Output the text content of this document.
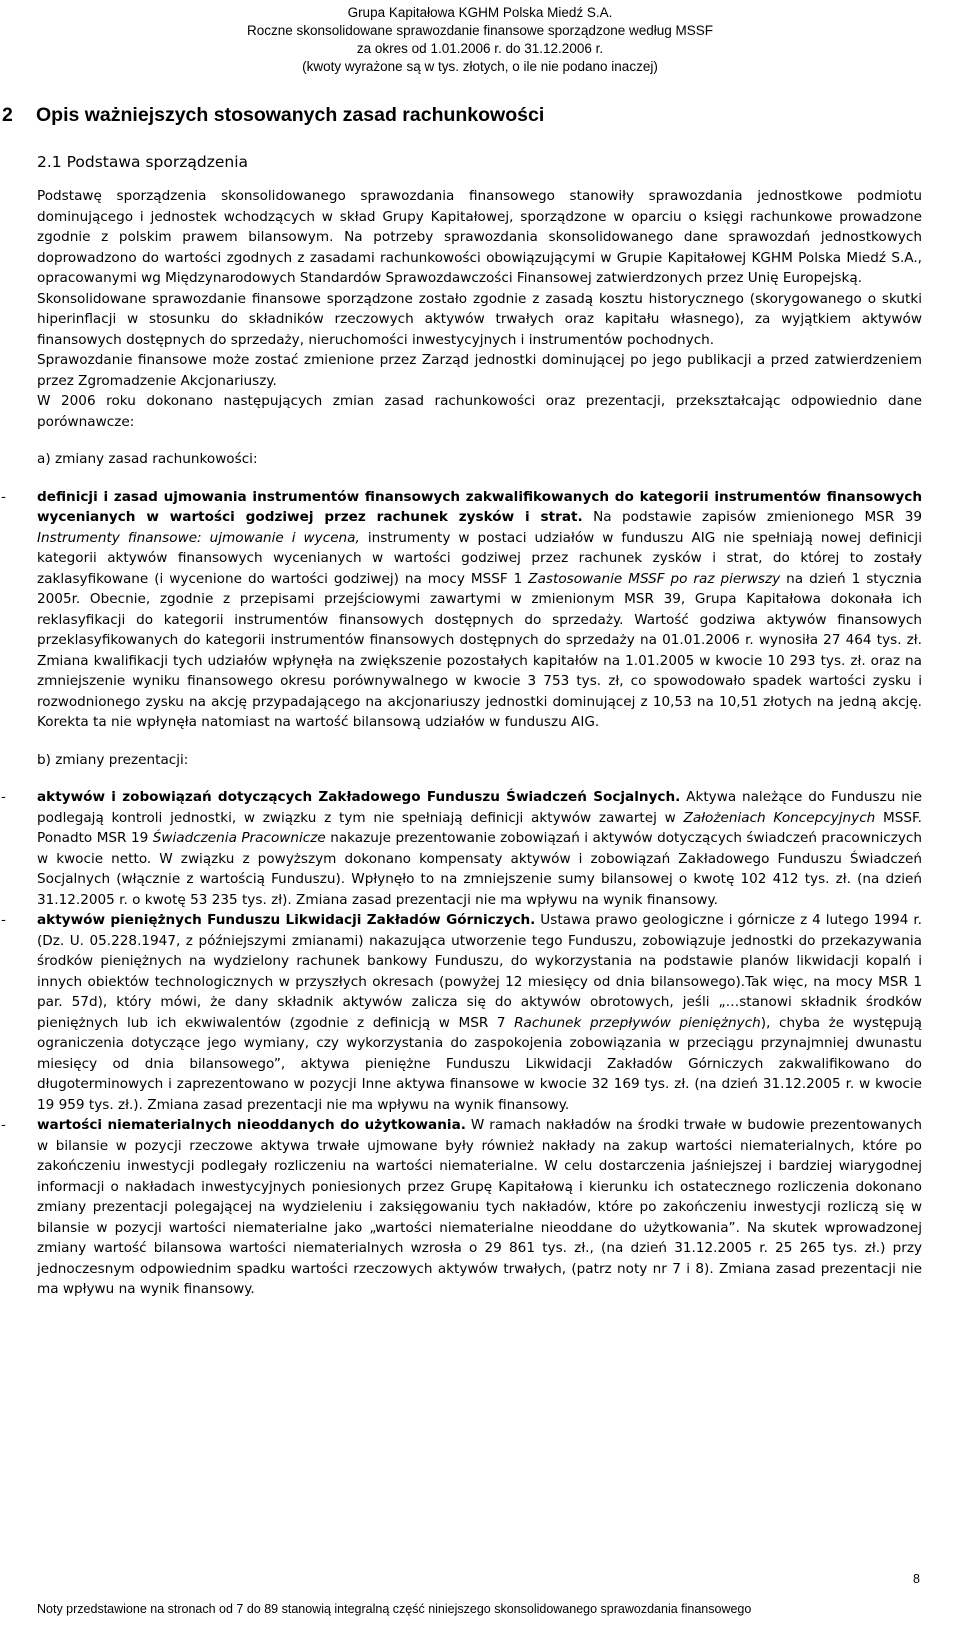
Grupa Kapitałowa KGHM Polska Miedź S.A.
Roczne skonsolidowane sprawozdanie finansowe sporządzone według MSSF
za okres od 1.01.2006 r. do 31.12.2006 r.
(kwoty wyrażone są w tys. złotych, o ile nie podano inaczej)
2 Opis ważniejszych stosowanych zasad rachunkowości
2.1 Podstawa sporządzenia

Podstawę sporządzenia skonsolidowanego sprawozdania finansowego stanowiły sprawozdania jednostkowe podmiotu dominującego i jednostek wchodzących w skład Grupy Kapitałowej, sporządzone w oparciu o księgi rachunkowe prowadzone zgodnie z polskim prawem bilansowym. Na potrzeby sprawozdania skonsolidowanego dane sprawozdań jednostkowych doprowadzono do wartości zgodnych z zasadami rachunkowości obowiązującymi w Grupie Kapitałowej KGHM Polska Miedź S.A., opracowanymi wg Międzynarodowych Standardów Sprawozdawczości Finansowej zatwierdzonych przez Unię Europejską.

Skonsolidowane sprawozdanie finansowe sporządzone zostało zgodnie z zasadą kosztu historycznego (skorygowanego o skutki hiperinflacji w stosunku do składników rzeczowych aktywów trwałych oraz kapitału własnego), za wyjątkiem aktywów finansowych dostępnych do sprzedaży, nieruchomości inwestycyjnych i instrumentów pochodnych.

Sprawozdanie finansowe może zostać zmienione przez Zarząd jednostki dominującej po jego publikacji a przed zatwierdzeniem przez Zgromadzenie Akcjonariuszy.

W 2006 roku dokonano następujących zmian zasad rachunkowości oraz prezentacji, przekształcając odpowiednio dane porównawcze:

a) zmiany zasad rachunkowości:

- definicji i zasad ujmowania instrumentów finansowych zakwalifikowanych do kategorii instrumentów finansowych wycenianych w wartości godziwej przez rachunek zysków i strat. Na podstawie zapisów zmienionego MSR 39 Instrumenty finansowe: ujmowanie i wycena, instrumenty w postaci udziałów w funduszu AIG nie spełniają nowej definicji kategorii aktywów finansowych wycenianych w wartości godziwej przez rachunek zysków i strat, do której to zostały zaklasyfikowane (i wycenione do wartości godziwej) na mocy MSSF 1 Zastosowanie MSSF po raz pierwszy na dzień 1 stycznia 2005r. Obecnie, zgodnie z przepisami przejściowymi zawartymi w zmienionym MSR 39, Grupa Kapitałowa dokonała ich reklasyfikacji do kategorii instrumentów finansowych dostępnych do sprzedaży. Wartość godziwa aktywów finansowych przeklasyfikowanych do kategorii instrumentów finansowych dostępnych do sprzedaży na 01.01.2006 r. wynosiła 27 464 tys. zł. Zmiana kwalifikacji tych udziałów wpłynęła na zwiększenie pozostałych kapitałów na 1.01.2005 w kwocie 10 293 tys. zł. oraz na zmniejszenie wyniku finansowego okresu porównywalnego w kwocie 3 753 tys. zł, co spowodowało spadek wartości zysku i rozwodnionego zysku na akcję przypadającego na akcjonariuszy jednostki dominującej z 10,53 na 10,51 złotych na jedną akcję. Korekta ta nie wpłynęła natomiast na wartość bilansową udziałów w funduszu AIG.

b) zmiany prezentacji:

- aktywów i zobowiązań dotyczących Zakładowego Funduszu Świadczeń Socjalnych. Aktywa należące do Funduszu nie podlegają kontroli jednostki, w związku z tym nie spełniają definicji aktywów zawartej w Założeniach Koncepcyjnych MSSF. Ponadto MSR 19 Świadczenia Pracownicze nakazuje prezentowanie zobowiązań i aktywów dotyczących świadczeń pracowniczych w kwocie netto. W związku z powyższym dokonano kompensaty aktywów i zobowiązań Zakładowego Funduszu Świadczeń Socjalnych (włącznie z wartością Funduszu). Wpłynęło to na zmniejszenie sumy bilansowej o kwotę 102 412 tys. zł. (na dzień 31.12.2005 r. o kwotę 53 235 tys. zł). Zmiana zasad prezentacji nie ma wpływu na wynik finansowy.

- aktywów pieniężnych Funduszu Likwidacji Zakładów Górniczych. Ustawa prawo geologiczne i górnicze z 4 lutego 1994 r. (Dz. U. 05.228.1947, z późniejszymi zmianami) nakazująca utworzenie tego Funduszu, zobowiązuje jednostki do przekazywania środków pieniężnych na wydzielony rachunek bankowy Funduszu, do wykorzystania na podstawie planów likwidacji kopalń i innych obiektów technologicznych w przyszłych okresach (powyżej 12 miesięcy od dnia bilansowego).Tak więc, na mocy MSR 1 par. 57d), który mówi, że dany składnik aktywów zalicza się do aktywów obrotowych, jeśli „…stanowi składnik środków pieniężnych lub ich ekwiwalentów (zgodnie z definicją w MSR 7 Rachunek przepływów pieniężnych), chyba że występują ograniczenia dotyczące jego wymiany, czy wykorzystania do zaspokojenia zobowiązania w przeciągu przynajmniej dwunastu miesięcy od dnia bilansowego”, aktywa pieniężne Funduszu Likwidacji Zakładów Górniczych zakwalifikowano do długoterminowych i zaprezentowano w pozycji Inne aktywa finansowe w kwocie 32 169 tys. zł. (na dzień 31.12.2005 r. w kwocie 19 959 tys. zł.). Zmiana zasad prezentacji nie ma wpływu na wynik finansowy.

- wartości niematerialnych nieoddanych do użytkowania. W ramach nakładów na środki trwałe w budowie prezentowanych w bilansie w pozycji rzeczowe aktywa trwałe ujmowane były również nakłady na zakup wartości niematerialnych, które po zakończeniu inwestycji podlegały rozliczeniu na wartości niematerialne. W celu dostarczenia jaśniejszej i bardziej wiarygodnej informacji o nakładach inwestycyjnych poniesionych przez Grupę Kapitałową i kierunku ich ostatecznego rozliczenia dokonano zmiany prezentacji polegającej na wydzieleniu i zaksięgowaniu tych nakładów, które po zakończeniu inwestycji rozliczą się w bilansie w pozycji wartości niematerialne jako „wartości niematerialne nieoddane do użytkowania”. Na skutek wprowadzonej zmiany wartość bilansowa wartości niematerialnych wzrosła o 29 861 tys. zł., (na dzień 31.12.2005 r. 25 265 tys. zł.) przy jednoczesnym odpowiednim spadku wartości rzeczowych aktywów trwałych, (patrz noty nr 7 i 8). Zmiana zasad prezentacji nie ma wpływu na wynik finansowy.

8
Noty przedstawione na stronach od 7 do 89 stanowią integralną część niniejszego skonsolidowanego sprawozdania finansowego
